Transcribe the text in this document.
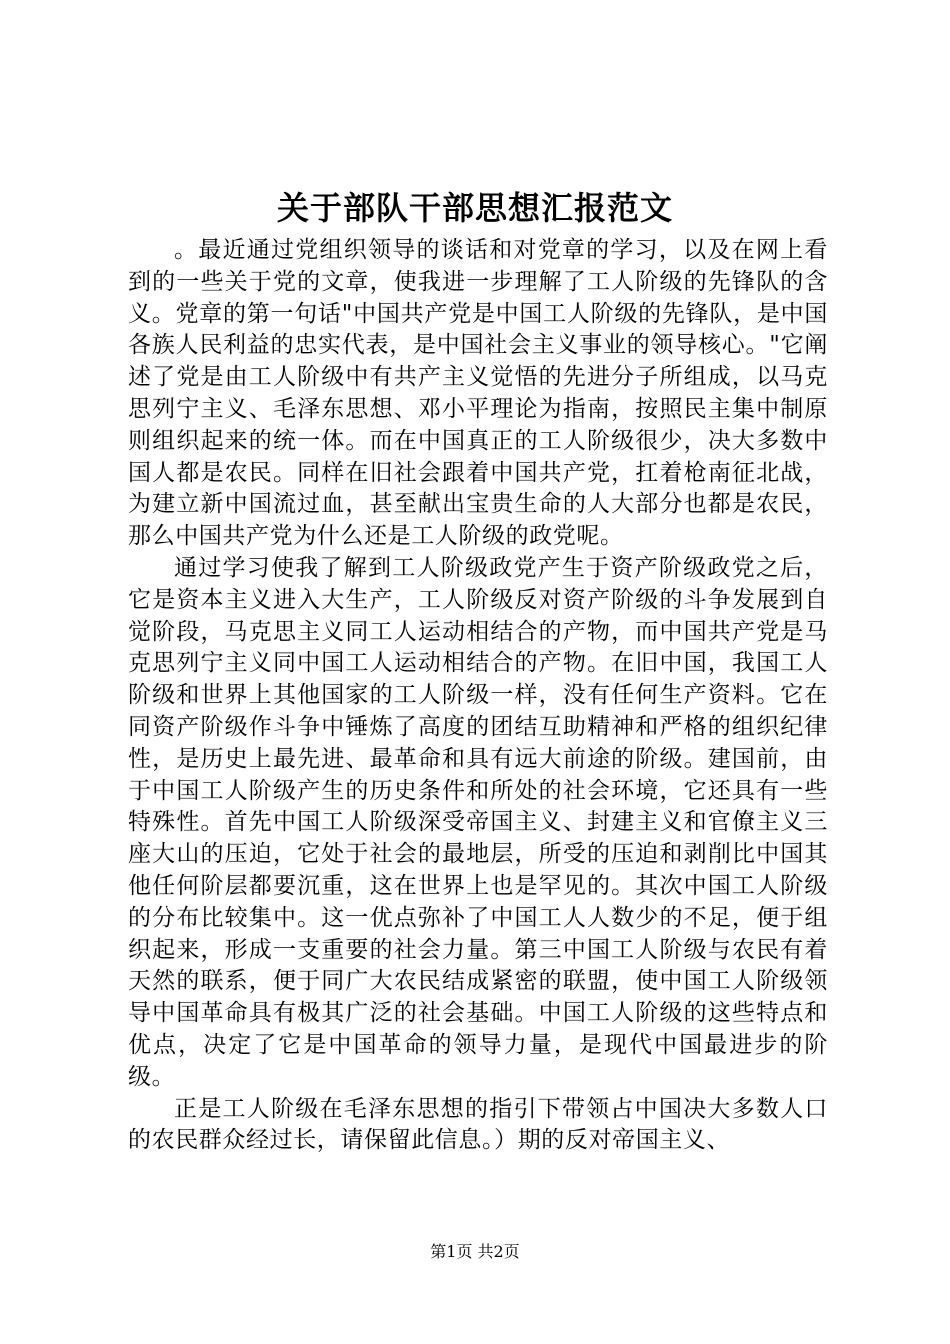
关于部队干部思想汇报范文

。最近通过党组织领导的谈话和对党章的学习，以及在网上看到的一些关于党的文章，使我进一步理解了工人阶级的先锋队的含义。党章的第一句话"中国共产党是中国工人阶级的先锋队，是中国各族人民利益的忠实代表，是中国社会主义事业的领导核心。"它阐述了党是由工人阶级中有共产主义觉悟的先进分子所组成，以马克思列宁主义、毛泽东思想、邓小平理论为指南，按照民主集中制原则组织起来的统一体。而在中国真正的工人阶级很少，决大多数中国人都是农民。同样在旧社会跟着中国共产党，扛着枪南征北战，为建立新中国流过血，甚至献出宝贵生命的人大部分也都是农民，那么中国共产党为什么还是工人阶级的政党呢。

通过学习使我了解到工人阶级政党产生于资产阶级政党之后，它是资本主义进入大生产，工人阶级反对资产阶级的斗争发展到自觉阶段，马克思主义同工人运动相结合的产物，而中国共产党是马克思列宁主义同中国工人运动相结合的产物。在旧中国，我国工人阶级和世界上其他国家的工人阶级一样，没有任何生产资料。它在同资产阶级作斗争中锤炼了高度的团结互助精神和严格的组织纪律性，是历史上最先进、最革命和具有远大前途的阶级。建国前，由于中国工人阶级产生的历史条件和所处的社会环境，它还具有一些特殊性。首先中国工人阶级深受帝国主义、封建主义和官僚主义三座大山的压迫，它处于社会的最地层，所受的压迫和剥削比中国其他任何阶层都要沉重，这在世界上也是罕见的。其次中国工人阶级的分布比较集中。这一优点弥补了中国工人人数少的不足，便于组织起来，形成一支重要的社会力量。第三中国工人阶级与农民有着天然的联系，便于同广大农民结成紧密的联盟，使中国工人阶级领导中国革命具有极其广泛的社会基础。中国工人阶级的这些特点和优点，决定了它是中国革命的领导力量，是现代中国最进步的阶级。

正是工人阶级在毛泽东思想的指引下带领占中国决大多数人口的农民群众经过长，请保留此信息。）期的反对帝国主义、

第1页 共2页
